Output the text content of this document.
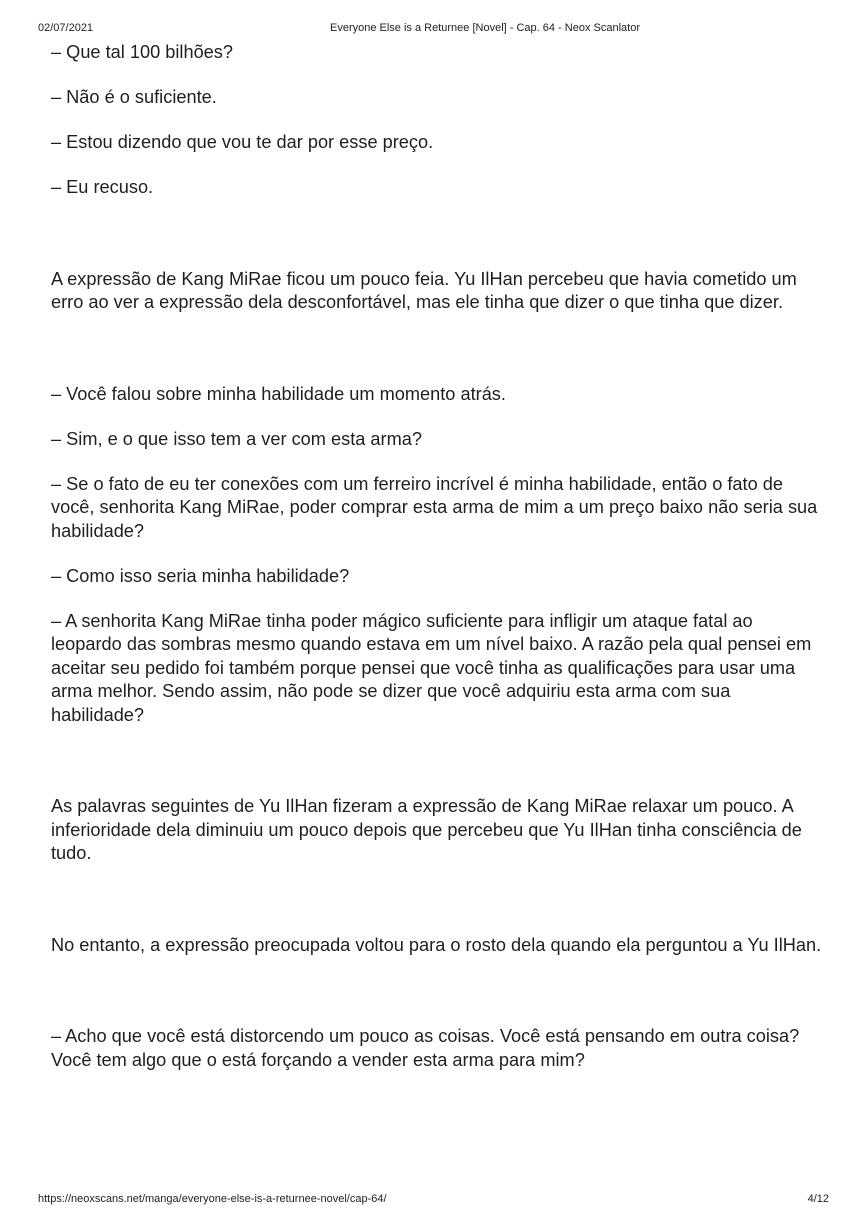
02/07/2021	Everyone Else is a Returnee [Novel] - Cap. 64 - Neox Scanlator

– Que tal 100 bilhões?

– Não é o suficiente.

– Estou dizendo que vou te dar por esse preço.

– Eu recuso.

A expressão de Kang MiRae ficou um pouco feia. Yu IlHan percebeu que havia cometido um erro ao ver a expressão dela desconfortável, mas ele tinha que dizer o que tinha que dizer.

– Você falou sobre minha habilidade um momento atrás.

– Sim, e o que isso tem a ver com esta arma?

– Se o fato de eu ter conexões com um ferreiro incrível é minha habilidade, então o fato de você, senhorita Kang MiRae, poder comprar esta arma de mim a um preço baixo não seria sua habilidade?

– Como isso seria minha habilidade?

– A senhorita Kang MiRae tinha poder mágico suficiente para infligir um ataque fatal ao leopardo das sombras mesmo quando estava em um nível baixo. A razão pela qual pensei em aceitar seu pedido foi também porque pensei que você tinha as qualificações para usar uma arma melhor. Sendo assim, não pode se dizer que você adquiriu esta arma com sua habilidade?

As palavras seguintes de Yu IlHan fizeram a expressão de Kang MiRae relaxar um pouco. A inferioridade dela diminuiu um pouco depois que percebeu que Yu IlHan tinha consciência de tudo.

No entanto, a expressão preocupada voltou para o rosto dela quando ela perguntou a Yu IlHan.

– Acho que você está distorcendo um pouco as coisas. Você está pensando em outra coisa? Você tem algo que o está forçando a vender esta arma para mim?

https://neoxscans.net/manga/everyone-else-is-a-returnee-novel/cap-64/	4/12
